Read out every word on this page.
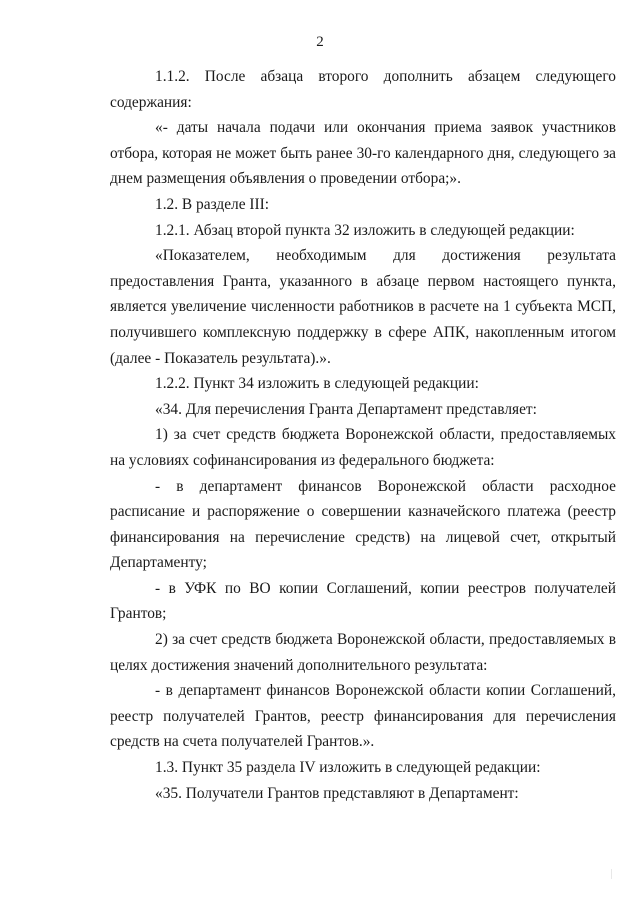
2

1.1.2. После абзаца второго дополнить абзацем следующего содержания:

«- даты начала подачи или окончания приема заявок участников отбора, которая не может быть ранее 30-го календарного дня, следующего за днем размещения объявления о проведении отбора;».

1.2. В разделе III:

1.2.1. Абзац второй пункта 32 изложить в следующей редакции:

«Показателем, необходимым для достижения результата предоставления Гранта, указанного в абзаце первом настоящего пункта, является увеличение численности работников в расчете на 1 субъекта МСП, получившего комплексную поддержку в сфере АПК, накопленным итогом (далее - Показатель результата).».

1.2.2. Пункт 34 изложить в следующей редакции:

«34. Для перечисления Гранта Департамент представляет:

1) за счет средств бюджета Воронежской области, предоставляемых на условиях софинансирования из федерального бюджета:

- в департамент финансов Воронежской области расходное расписание и распоряжение о совершении казначейского платежа (реестр финансирования на перечисление средств) на лицевой счет, открытый Департаменту;

- в УФК по ВО копии Соглашений, копии реестров получателей Грантов;

2) за счет средств бюджета Воронежской области, предоставляемых в целях достижения значений дополнительного результата:

- в департамент финансов Воронежской области копии Соглашений, реестр получателей Грантов, реестр финансирования для перечисления средств на счета получателей Грантов.».

1.3. Пункт 35 раздела IV изложить в следующей редакции:

«35. Получатели Грантов представляют в Департамент:
